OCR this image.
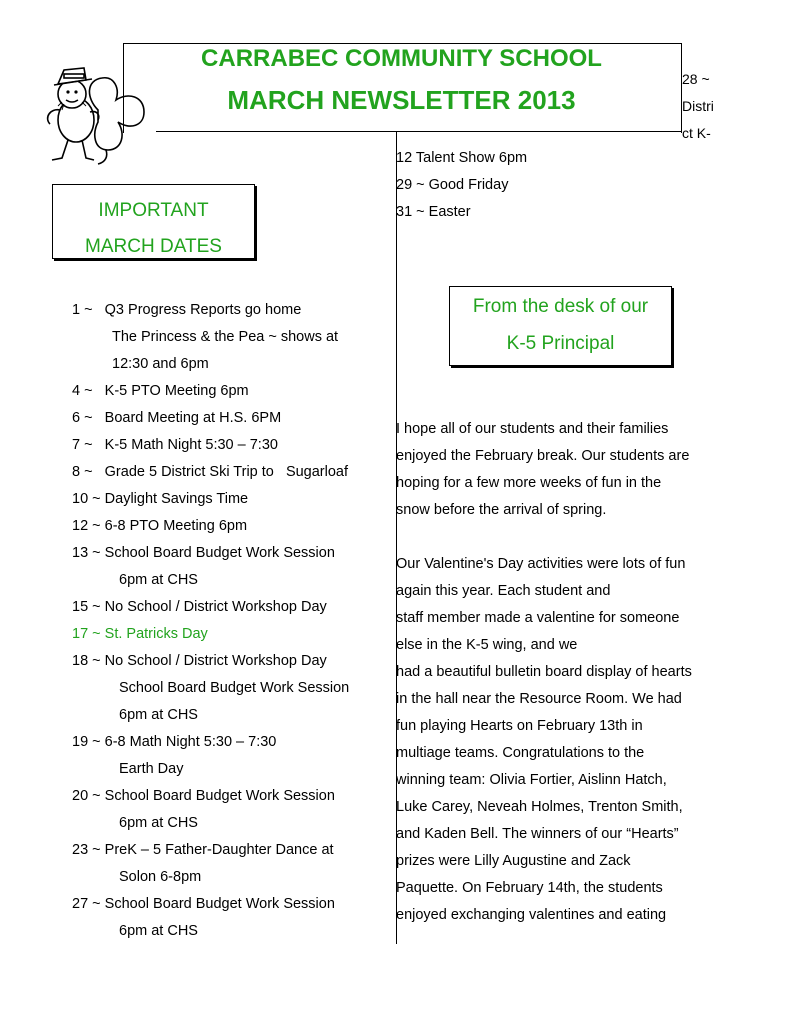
CARRABEC COMMUNITY SCHOOL
MARCH NEWSLETTER 2013
28 ~
Distri
ct K-
IMPORTANT
MARCH DATES
12 Talent Show 6pm
29 ~ Good Friday
31 ~ Easter
From the desk of our
K-5 Principal
1 ~   Q3 Progress Reports go home
The Princess & the Pea ~ shows at
12:30 and 6pm
4 ~   K-5 PTO Meeting 6pm
6 ~   Board Meeting at H.S. 6PM
7 ~   K-5 Math Night 5:30 – 7:30
8 ~   Grade 5 District Ski Trip to   Sugarloaf
10 ~ Daylight Savings Time
12 ~ 6-8 PTO Meeting 6pm
13 ~ School Board Budget Work Session
6pm at CHS
15 ~ No School / District Workshop Day
17 ~ St. Patricks Day
18 ~ No School / District Workshop Day
School Board Budget Work Session
6pm at CHS
19 ~ 6-8 Math Night 5:30 – 7:30
Earth Day
20 ~ School Board Budget Work Session
6pm at CHS
23 ~ PreK – 5 Father-Daughter Dance at
Solon 6-8pm
27 ~ School Board Budget Work Session
6pm at CHS
I hope all of our students and their families
enjoyed the February break. Our students are
hoping for a few more weeks of fun in the
snow before the arrival of spring.
Our Valentine's Day activities were lots of fun
again this year. Each student and
staff member made a valentine for someone
else in the K-5 wing, and we
had a beautiful bulletin board display of hearts
in the hall near the Resource Room. We had
fun playing Hearts on February 13th in
multiage teams. Congratulations to the
winning team: Olivia Fortier, Aislinn Hatch,
Luke Carey, Neveah Holmes, Trenton Smith,
and Kaden Bell. The winners of our “Hearts”
prizes were Lilly Augustine and Zack
Paquette. On February 14th, the students
enjoyed exchanging valentines and eating
